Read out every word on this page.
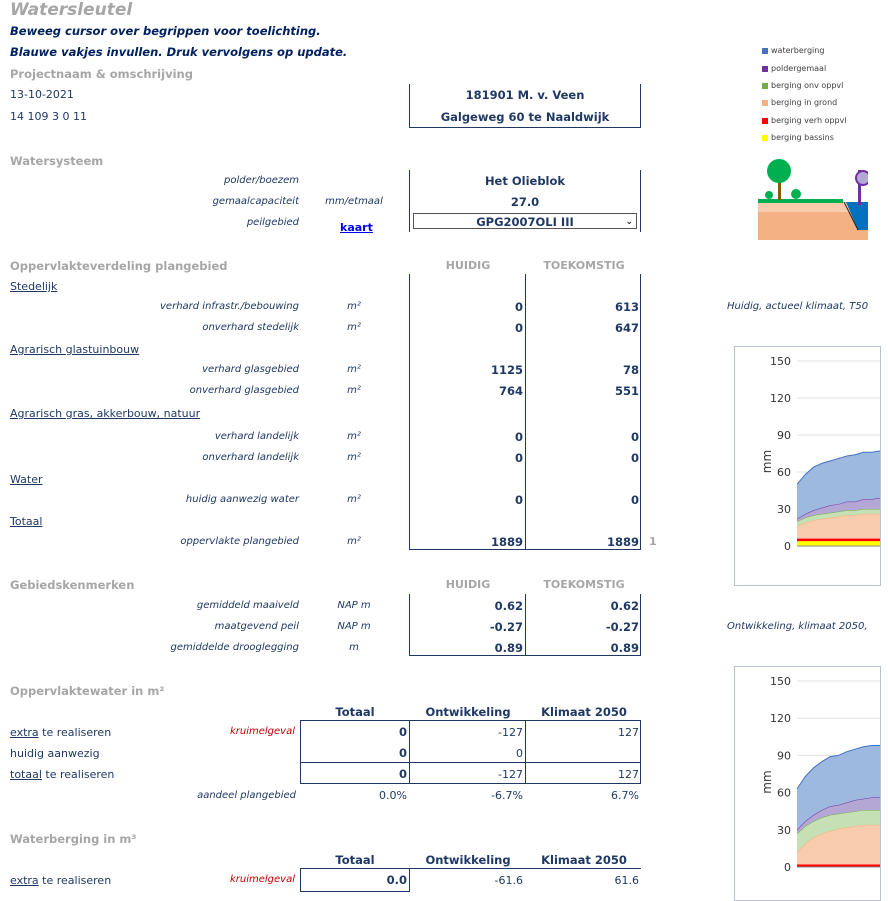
Watersleutel
Beweeg cursor over begrippen voor toelichting.
Blauwe vakjes invullen. Druk vervolgens op update.
Projectnaam & omschrijving
13-10-2021
14 109 3 0 11
181901 M. v. Veen
Galgeweg 60 te Naaldwijk
Watersysteem
polder/boezem	Het Olieblok
gemaalcapaciteit	mm/etmaal	27.0
peilgebied	kaart	GPG2007OLI III	⌄
Oppervlakteverdeling plangebied	HUIDIG	TOEKOMSTIG
Stedelijk
verhard infrastr./bebouwing	m²	0	613
onverhard stedelijk	m²	0	647
Agrarisch glastuinbouw
verhard glasgebied	m²	1125	78
onverhard glasgebied	m²	764	551
Agrarisch gras, akkerbouw, natuur
verhard landelijk	m²	0	0
onverhard landelijk	m²	0	0
Water
huidig aanwezig water	m²	0	0
Totaal
oppervlakte plangebied	m²	1889	1889 1
Gebiedskenmerken	HUIDIG	TOEKOMSTIG
gemiddeld maaiveld	NAP m	0.62	0.62
maatgevend peil	NAP m	-0.27	-0.27
gemiddelde drooglegging	m	0.89	0.89
Oppervlaktewater in m²
Totaal	Ontwikkeling	Klimaat 2050
extra te realiseren	kruimelgeval	0	-127	127
huidig aanwezig	0	0
totaal te realiseren	0	-127	127
aandeel plangebied	0.0%	-6.7%	6.7%
Waterberging in m³
Totaal	Ontwikkeling	Klimaat 2050
extra te realiseren	kruimelgeval	0.0	-61.6	61.6
waterberging
poldergemaal
berging onv oppvl
berging in grond
berging verh oppvl
berging bassins
Huidig, actueel klimaat, T50
Ontwikkeling, klimaat 2050,
150
120
90
60
30
0
mm
150
120
90
60
30
0
mm
